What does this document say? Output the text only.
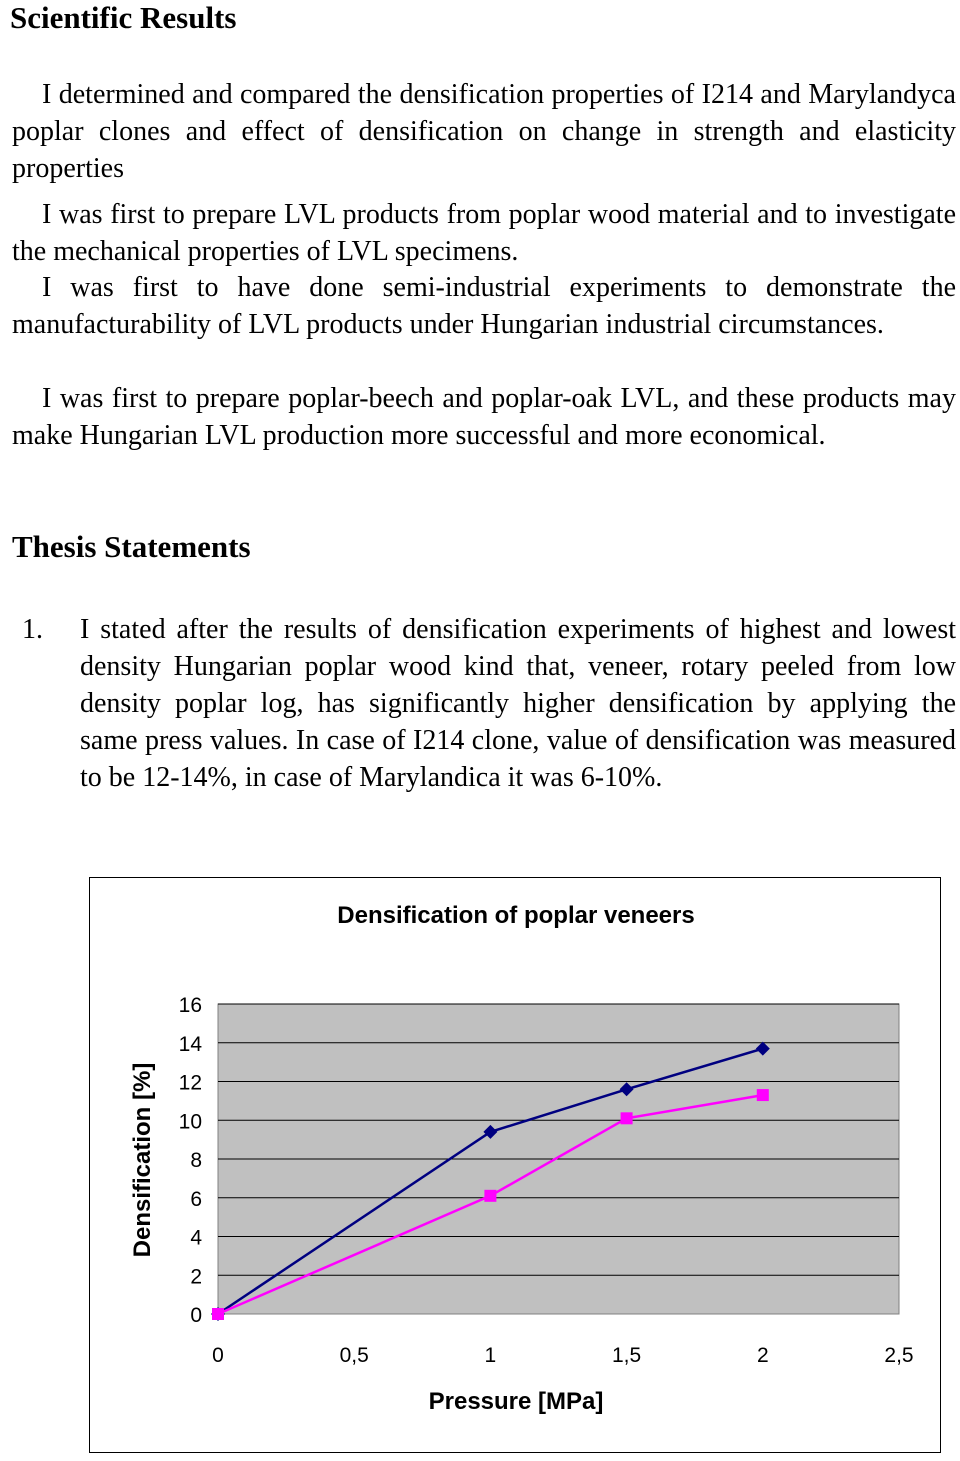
Scientific Results

I determined and compared the densification properties of I214 and Marylandyca poplar clones and effect of densification on change in strength and elasticity properties

I was first to prepare LVL products from poplar wood material and to investigate the mechanical properties of LVL specimens.

I was first to have done semi-industrial experiments to demonstrate the manufacturability of LVL products under Hungarian industrial circumstances.

I was first to prepare poplar-beech and poplar-oak LVL, and these products may make Hungarian LVL production more successful and more economical.

Thesis Statements
1. I stated after the results of densification experiments of highest and lowest density Hungarian poplar wood kind that, veneer, rotary peeled from low density poplar log, has significantly higher densification by applying the same press values. In case of I214 clone, value of densification was measured to be 12-14%, in case of Marylandica it was 6-10%.

Densification of poplar veneers
0
2
4
6
8
10
12
14
16
0	0,5	1	1,5	2	2,5
Pressure [MPa]
Densification [%]
